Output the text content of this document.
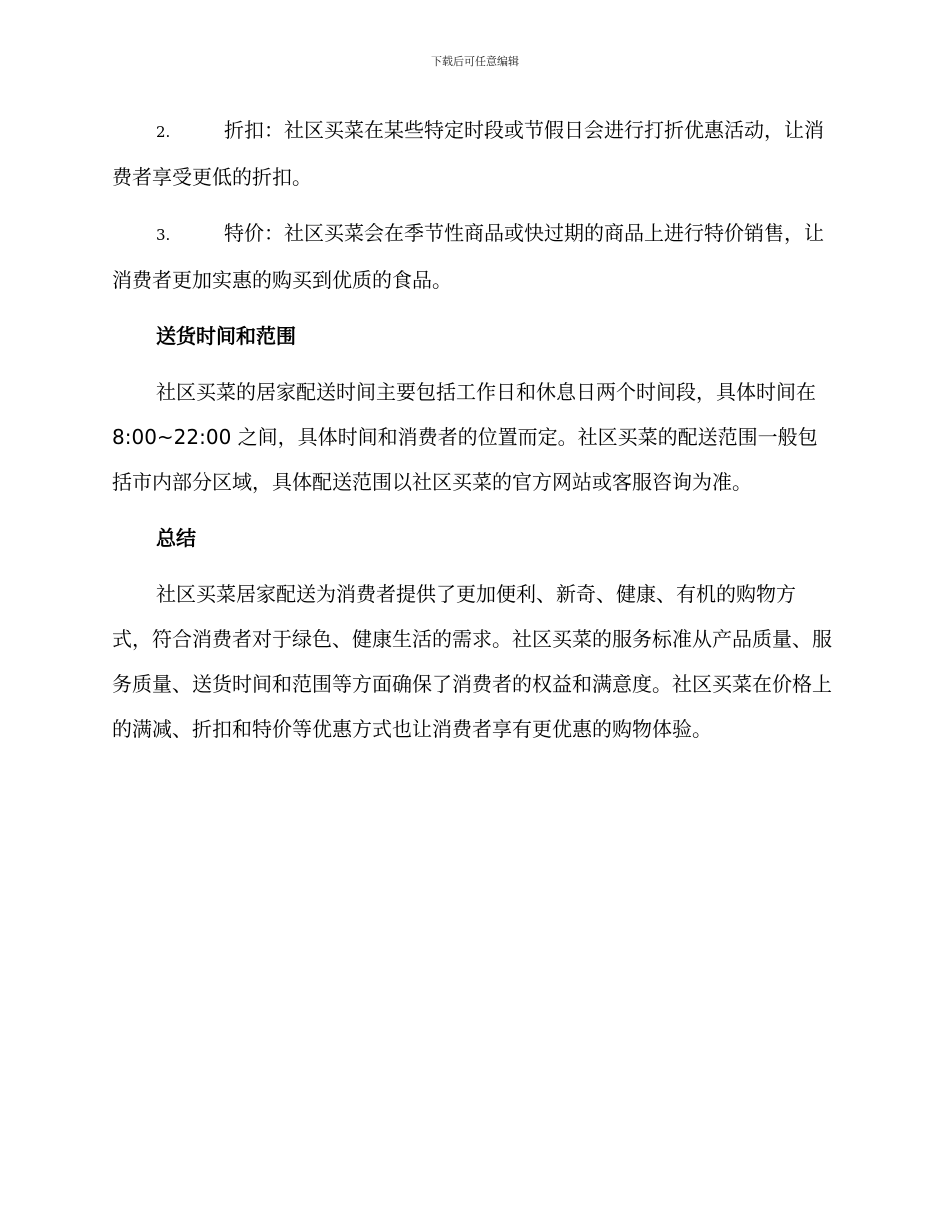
下载后可任意编辑

2.	折扣：社区买菜在某些特定时段或节假日会进行打折优惠活动，让消费者享受更低的折扣。

3.	特价：社区买菜会在季节性商品或快过期的商品上进行特价销售，让消费者更加实惠的购买到优质的食品。

送货时间和范围

社区买菜的居家配送时间主要包括工作日和休息日两个时间段，具体时间在 8:00~22:00 之间，具体时间和消费者的位置而定。社区买菜的配送范围一般包括市内部分区域，具体配送范围以社区买菜的官方网站或客服咨询为准。

总结

社区买菜居家配送为消费者提供了更加便利、新奇、健康、有机的购物方式，符合消费者对于绿色、健康生活的需求。社区买菜的服务标准从产品质量、服务质量、送货时间和范围等方面确保了消费者的权益和满意度。社区买菜在价格上的满减、折扣和特价等优惠方式也让消费者享有更优惠的购物体验。
